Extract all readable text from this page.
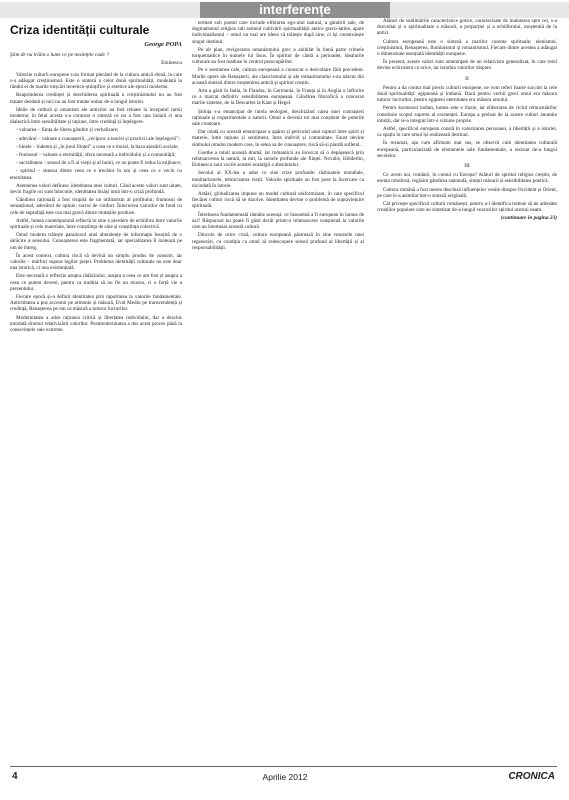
interferențe
Criza identității culturale
George POPA
Știm de nu trăim o lume ce pe nesimțite cade ?
Eminescu

Valorile culturii europene s-au format plecând de la cultura antică elenă, la care s-a adăugat creștinismul. Este o sinteză a celor două spiritualități, modelată la rândul ei de marile mișcări teoretico-științifice și estetice ale epocii moderne.

Reaprinderea credinței și deschiderea spirituală a creștinismului nu au fost tratate deodată și nici nu au fost tratate unitar de-a lungul istoriei.

Ideile de cultură și umanism ale anticilor au fost reluate la începutul lumii moderne; în felul acesta s-a conturat o sinteză ce nu a fost una liniară ci una dialectică între sensibilitate și rațiune, între credință și înțelegere.

- valoarea – ființa de libera gândire și verbalizare;

- adevărul – valoare a cunoașterii, „reciproc a teoriei și practicii ale înțelegerii”;

- binele – îndemn și „în jurul ființei” a ceea ce e moral, la baza așezării sociale;

- frumosul – valoare a eternității, sfera necesară a individului și a comunității;

- sacralitatea – sensul de a fi al vieții și al lumii, ce nu poate fi redus la mijloace;

- spiritul – sinteza dintre ceea ce e trecător în noi și ceea ce e vecin cu eternitatea.

Asemenea valori definesc identitatea unei culturi. Când aceste valori sunt uitate, devin fragile ori sunt înlocuite, identitatea însăși intră într-o criză profundă.

Gândirea rațională a fost risipită de un utilitarism al profitului; frumosul de senzațional; adevărul de opinie; sacrul de confort. Înlocuirea valorilor de fond cu cele de suprafață este cea mai gravă dintre mutațiile produse.

Astfel, lumea contemporană reflectă în sine o pierdere de echilibru între valorile spirituale și cele materiale, între conștiința de sine și conștiința colectivă.

Omul modern trăiește paradoxul unei abundențe de informație însoțită de o sărăcire a sensului. Cunoașterea este fragmentată, iar specializarea îl izolează pe om de întreg.

În acest context, cultura riscă să devină un simplu produs de consum, iar valorile – mărfuri supuse legilor pieței. Problema identității culturale nu este doar una istorică, ci una existențială.

Este necesară o reflecție asupra rădăcinilor, asupra a ceea ce am fost și asupra a ceea ce putem deveni, pentru ca tradiția să nu fie un muzeu, ci o forță vie a prezentului.

Fiecare epocă și-a definit identitatea prin raportarea la valorile fundamentale. Antichitatea a pus accentul pe armonie și măsură, Evul Mediu pe transcendență și credință, Renașterea pe om ca măsură a tuturor lucrurilor.

Modernitatea a adus rațiunea critică și libertatea individului, dar a deschis totodată drumul relativizării valorilor. Postmodernitatea a dus acest proces până la consecințele sale extreme.

termen sub poetul care include elibrarea ego-ului natural, a gândirii sale, de dogmatismul religios sub semnul cultivării spiritualității antice greco-latine, apare individualismul – omul nu mai are ideea că trăiește după sine, ci își construiește singur destinul.

Pe alt plan, revigorarea umanismului grec a anihilat în bună parte crimele torquemadice în numele lui Iisus. În spiritul de cântă a perioadei, idealurile culturale au fost readuse în centrul preocupărilor.

Pe o asemenea cale, cultura europeană a cunoscut o dezvoltare fără precedent. Marile opere ale Renașterii, ale clasicismului și ale romantismului s-au născut din această sinteză dintre moștenirea antică și spiritul creștin.

Arta a găsit în Italia, în Flandra, în Germania, în Franța și în Anglia o înflorire ce a marcat definitiv sensibilitatea europeană. Gândirea filozofică a cunoscut marile sisteme, de la Descartes la Kant și Hegel.

Știința s-a emancipat de tutela teologiei, deschizând calea unei cunoașteri raționale și experimentale a naturii. Omul a devenit tot mai conștient de puterile sale creatoare.

Dar odată cu această emancipare a apărut și pericolul unei rupturi între spirit și materie, între rațiune și sentiment, între individ și comunitate. Faust devine simbolul omului modern care, în setea sa de cunoaștere, riscă să-și piardă sufletul.

Goethe a intuit această dramă, iar romanticii au încercat să o depășească prin reîntoarcerea la natură, la mit, la sursele profunde ale ființei. Novalis, Hölderlin, Eminescu sunt vocile acestei nostalgii a absolutului.

Secolul al XX-lea a adus cu sine crize profunde: războaiele mondiale, totalitarismele, tehnicizarea vieții. Valorile spirituale au fost puse la încercare ca niciodată în istorie.

Astăzi, globalizarea impune un model cultural uniformizant, în care specificul fiecărei culturi riscă să se dizolve. Identitatea devine o problemă de supraviețuire spirituală.

Întrebarea fundamentală rămâne aceeași: ce înseamnă a fi european în lumea de azi? Răspunsul nu poate fi găsit decât printr-o reîntoarcere conștientă la valorile care au întemeiat această cultură.

Dincolo de orice criză, cultura europeană păstrează în sine resursele unei regenerări, cu condiția ca omul să redescopere sensul profund al libertății și al responsabilității.

Alături de sublimările caracteristice gotice, caracterizate de înaintarea spre cer, s-a dezvoltat și o spiritualitate a măsurii, a proporției și a echilibrului, moștenită de la antici.

Cultura europeană este o sinteză a marilor curente spirituale: elenismul, creștinismul, Renașterea, Iluminismul și romantismul. Fiecare dintre acestea a adăugat o dimensiune esențială identității europene.

În prezent, aceste valori sunt amenințate de un relativism generalizat, în care totul devine echivalent cu orice, iar ierarhia valorilor dispare.

II

Pentru a da contur mai precis culturii europene, ne vom referi foarte succint la cele două spiritualități: egipteană și indiană. Dacă pentru vechii greci omul era măsura tuturor lucrurilor, pentru egipteni eternitatea era măsura omului.

Pentru kosmosul indian, lumea este o iluzie, iar eliberarea de ciclul reîncarnărilor constituie scopul suprem al existenței. Europa a preluat de la aceste culturi anumite intuiții, dar le-a integrat într-o viziune proprie.

Astfel, specificul european constă în valorizarea persoanei, a libertății și a istoriei, ca spațiu în care omul își realizează destinul.

În rezumat, aşa cum afirmam mai sus, se observă cum identitatea culturală europeană, particularizată de elementele sale fundamentale, a rezistat de-a lungul secolelor.

III

Ce avem noi, românii, în contul cu Europa? Alături de spiritul religios creștin, de esența ortodoxă, regăsim gândirea rațională, simțul măsurii și sensibilitatea poetică.

Cultura română a fost mereu deschisă influențelor venite dinspre Occident și Orient, pe care le-a asimilat într-o sinteză originală.

Cât privește specificul culturii românești, pentru a-l identifica trebuie să ne adresăm creațiilor populare care au sintetizat de-a lungul veacurilor spiritul acestui neam.

(continuare în pagina 23)
4	Aprilie 2012	CRONICA
